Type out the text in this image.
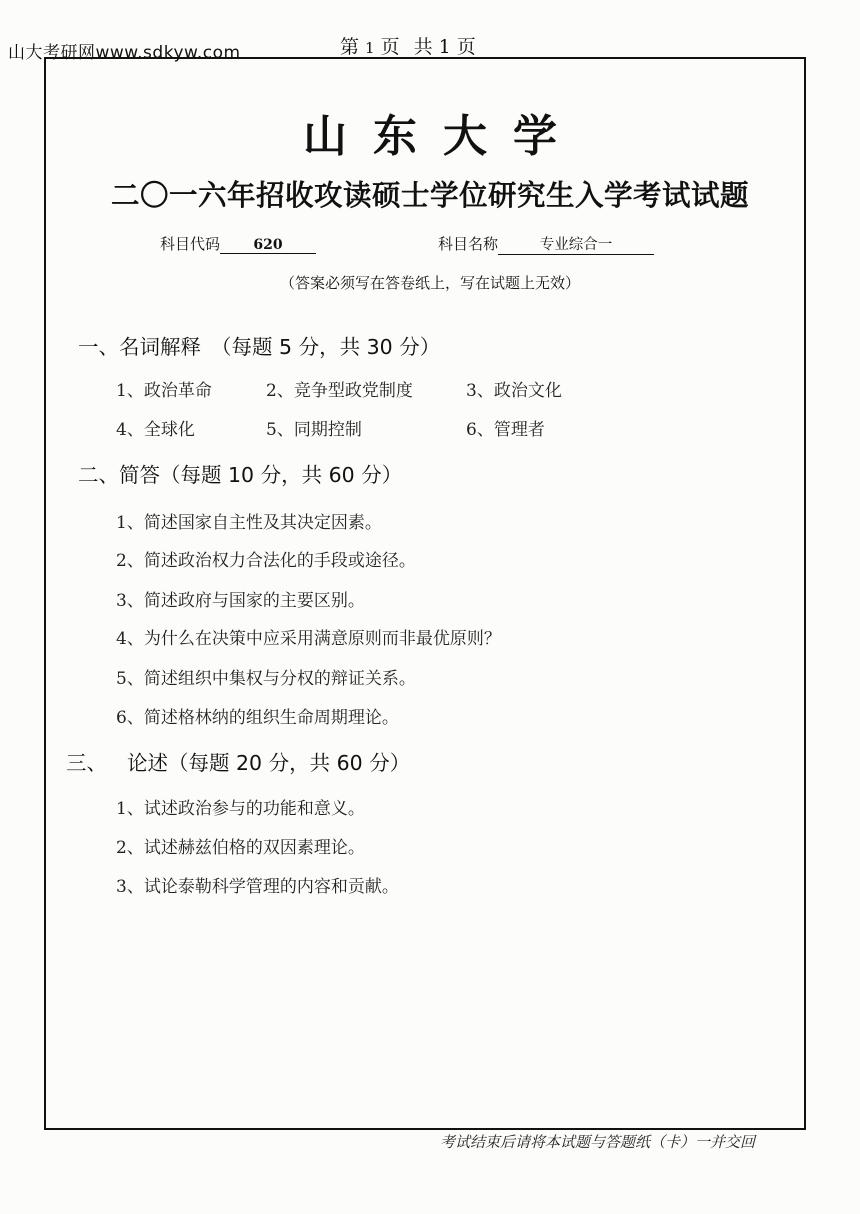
山大考研网www.sdkyw.com	第 1 页 共 1 页
山东大学
二〇一六年招收攻读硕士学位研究生入学考试试题
科目代码 620	科目名称	专业综合一
（答案必须写在答卷纸上，写在试题上无效）
一、名词解释 （每题 5 分，共 30 分）
1、政治革命	2、竞争型政党制度	3、政治文化
4、全球化	5、同期控制	6、管理者
二、简答（每题 10 分，共 60 分）
1、简述国家自主性及其决定因素。
2、简述政治权力合法化的手段或途径。
3、简述政府与国家的主要区别。
4、为什么在决策中应采用满意原则而非最优原则？
5、简述组织中集权与分权的辩证关系。
6、简述格林纳的组织生命周期理论。
三、 论述（每题 20 分，共 60 分）
1、试述政治参与的功能和意义。
2、试述赫兹伯格的双因素理论。
3、试论泰勒科学管理的内容和贡献。
考试结束后请将本试题与答题纸（卡）一并交回
